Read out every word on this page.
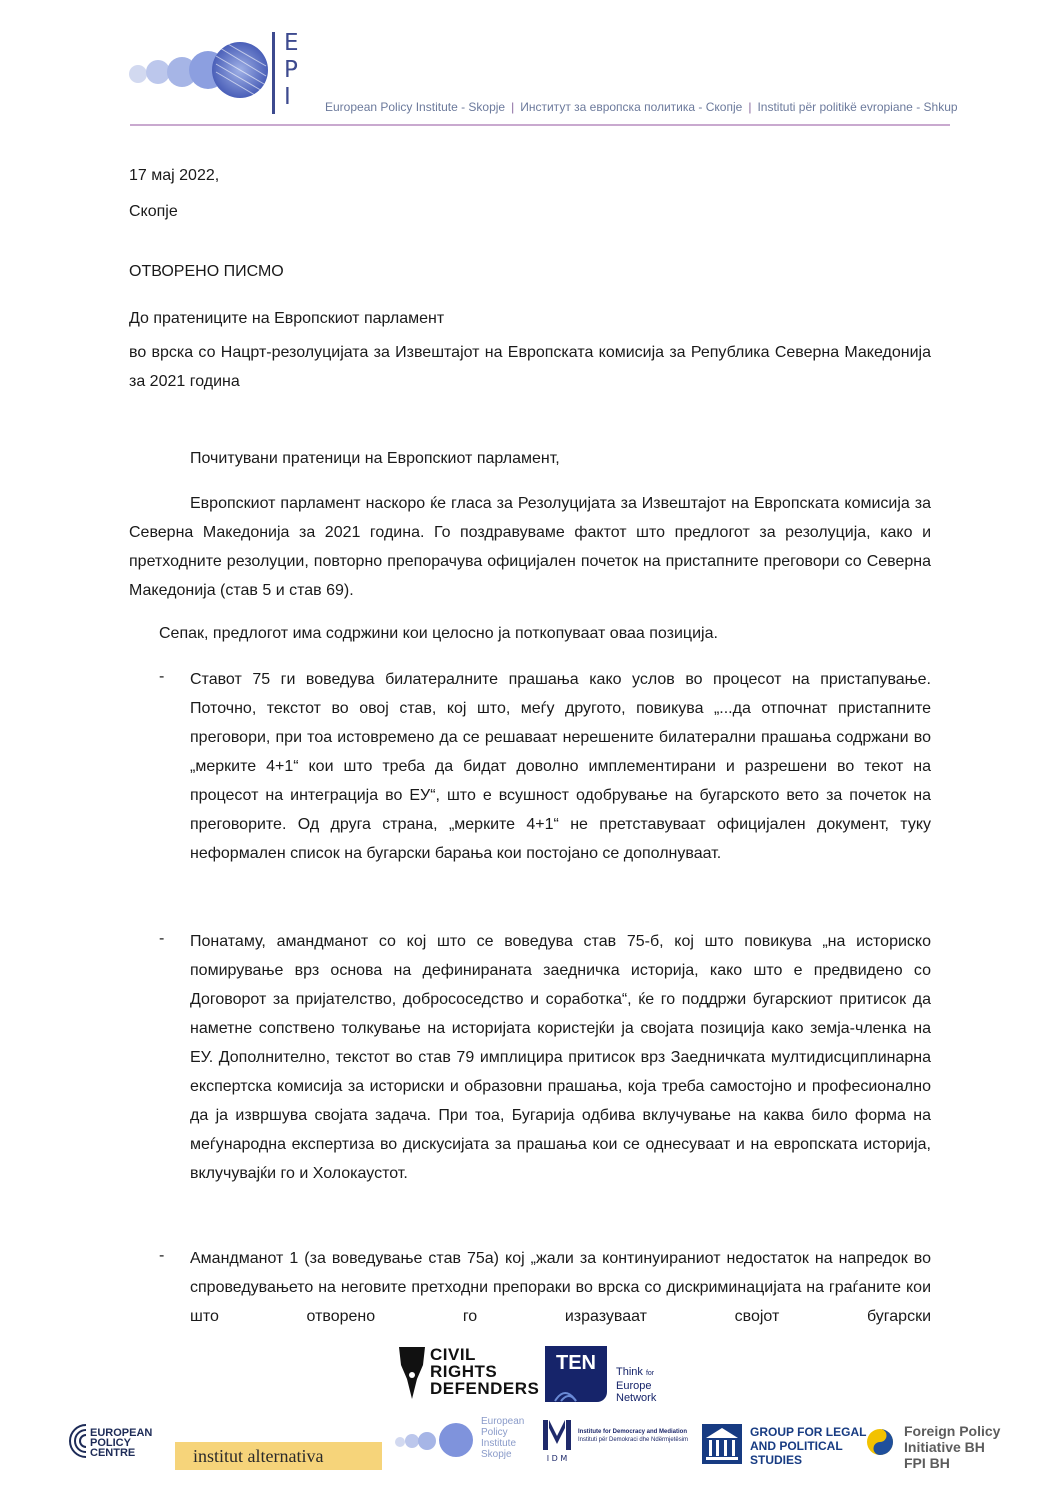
E
P
I	European Policy Institute - Skopje | Институт за европска политика - Скопје | Instituti për politikë evropiane - Shkup
17 мај 2022,
Скопје
ОТВОРЕНО ПИСМО
До пратениците на Европскиот парламент
во врска со Нацрт-резолуцијата за Извештајот на Европската комисија за Република Северна Македонија за 2021 година
Почитувани пратеници на Европскиот парламент,
Европскиот парламент наскоро ќе гласа за Резолуцијата за Извештајот на Европската комисија за Северна Македонија за 2021 година. Го поздравуваме фактот што предлогот за резолуција, како и претходните резолуции, повторно препорачува официјален почеток на пристапните преговори со Северна Македонија (став 5 и став 69).
Сепак, предлогот има содржини кои целосно ја поткопуваат оваа позиција.
- Ставот 75 ги воведува билатералните прашања како услов во процесот на пристапување. Поточно, текстот во овој став, кој што, меѓу другото, повикува „...да отпочнат пристапните преговори, при тоа истовремено да се решаваат нерешените билатерални прашања содржани во „мерките 4+1“ кои што треба да бидат доволно имплементирани и разрешени во текот на процесот на интеграција во ЕУ“, што е всушност одобрување на бугарското вето за почеток на преговорите. Од друга страна, „мерките 4+1“ не претставуваат официјален документ, туку неформален список на бугарски барања кои постојано се дополнуваат.
- Понатаму, амандманот со кој што се воведува став 75-б, кој што повикува „на историско помирување врз основа на дефинираната заедничка историја, како што е предвидено со Договорот за пријателство, добрососедство и соработка“, ќе го поддржи бугарскиот притисок да наметне сопствено толкување на историјата користејќи ја својата позиција како земја-членка на ЕУ. Дополнително, текстот во став 79 имплицира притисок врз Заедничката мултидисциплинарна експертска комисија за историски и образовни прашања, која треба самостојно и професионално да ја извршува својата задача. При тоа, Бугарија одбива вклучување на каква било форма на меѓународна експертиза во дискусијата за прашања кои се однесуваат и на европската историја, вклучувајќи го и Холокаустот.
- Амандманот 1 (за воведување став 75а) кој „жали за континуираниот недостаток на напредок во спроведувањето на неговите претходни препораки во врска со дискриминацијата на граѓаните кои што отворено го изразуваат својот бугарски
CIVIL
RIGHTS
DEFENDERS
TEN	Think for
Europe
Network
EUROPEAN
POLICY
CENTRE	institut alternativa
European
Policy
Institute
Skopje	I D M
Institute for Democracy and Mediation
Instituti për Demokraci dhe Ndërmjetësim
GROUP FOR LEGAL
AND POLITICAL
STUDIES
Foreign Policy
Initiative BH
FPI BH
